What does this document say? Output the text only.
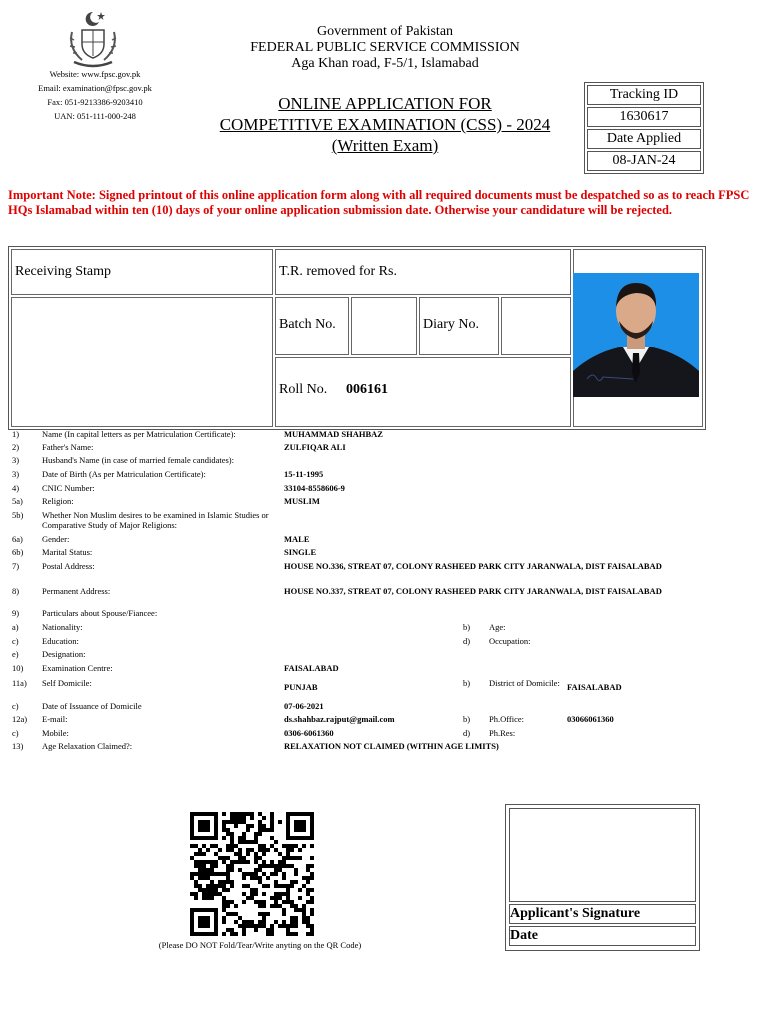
Website: www.fpsc.gov.pk
Email: examination@fpsc.gov.pk
Fax: 051-9213386-9203410
UAN: 051-111-000-248
Government of Pakistan
FEDERAL PUBLIC SERVICE COMMISSION
Aga Khan road, F-5/1, Islamabad
ONLINE APPLICATION FOR
COMPETITIVE EXAMINATION (CSS) - 2024
(Written Exam)
Tracking ID
1630617
Date Applied
08-JAN-24
Important Note: Signed printout of this online application form along with all required documents must be despatched so as to reach FPSC HQs Islamabad within ten (10) days of your online application submission date. Otherwise your candidature will be rejected.
Receiving Stamp	T.R. removed for Rs.
Batch No.	Diary No.
Roll No. 006161
1)	Name (In capital letters as per Matriculation Certificate):	MUHAMMAD SHAHBAZ
2)	Father's Name:	ZULFIQAR ALI
3)	Husband's Name (in case of married female candidates):
3)	Date of Birth (As per Matriculation Certificate):	15-11-1995
4)	CNIC Number:	33104-8558606-9
5a) Religion:	MUSLIM
5b) Whether Non Muslim desires to be examined in Islamic Studies or Comparative Study of Major Religions:
6a) Gender:	MALE
6b) Marital Status:	SINGLE
7)	Postal Address:	HOUSE NO.336, STREAT 07, COLONY RASHEED PARK CITY JARANWALA, DIST FAISALABAD
8)	Permanent Address:	HOUSE NO.337, STREAT 07, COLONY RASHEED PARK CITY JARANWALA, DIST FAISALABAD
9)	Particulars about Spouse/Fiancee:
a)	Nationality:	b) Age:
c)	Education:	d) Occupation:
e)	Designation:
10) Examination Centre:	FAISALABAD
11a) Self Domicile:	PUNJAB	b) District of Domicile: FAISALABAD
c)	Date of Issuance of Domicile	07-06-2021
12a) E-mail:	ds.shahbaz.rajput@gmail.com	b) Ph.Office:	03066061360
c)	Mobile:	0306-6061360	d) Ph.Res:
13) Age Relaxation Claimed?:	RELAXATION NOT CLAIMED (WITHIN AGE LIMITS)
(Please DO NOT Fold/Tear/Write anyting on the QR Code)
Applicant's Signature
Date
